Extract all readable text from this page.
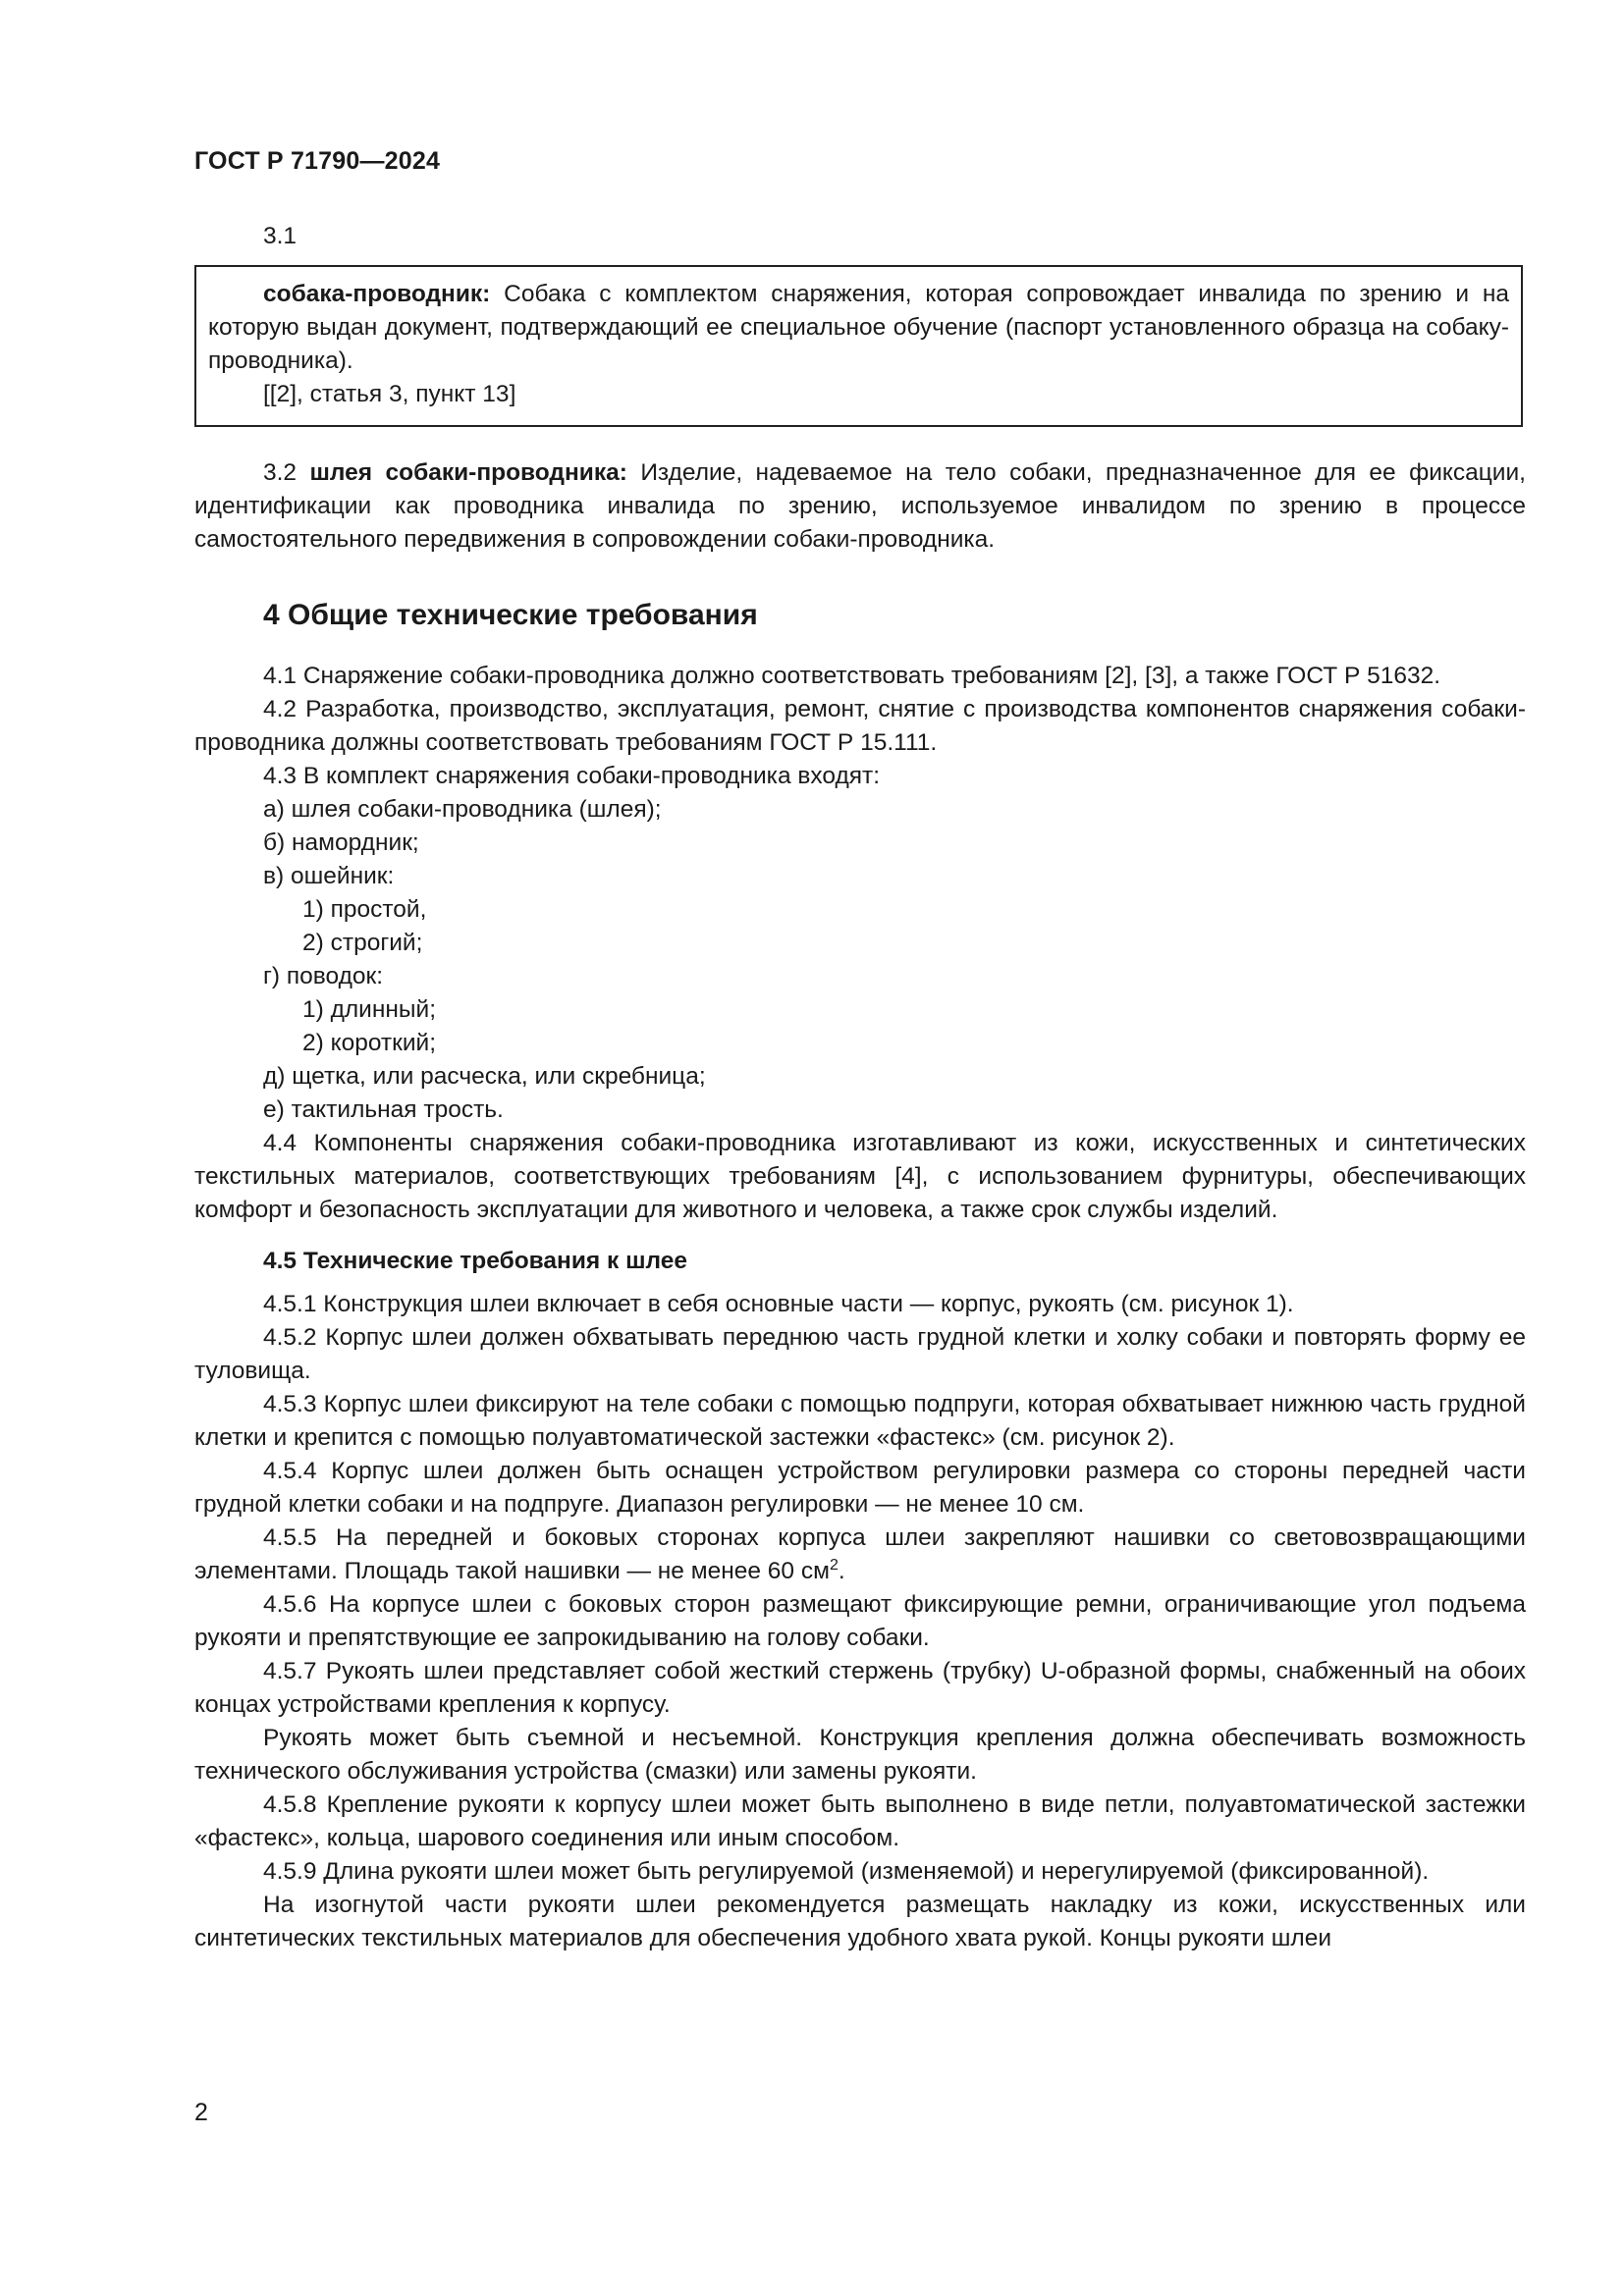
ГОСТ Р 71790—2024
3.1

собака-проводник: Собака с комплектом снаряжения, которая сопровождает инвалида по зрению и на которую выдан документ, подтверждающий ее специальное обучение (паспорт установленного образца на собаку-проводника).

[[2], статья 3, пункт 13]

3.2 шлея собаки-проводника: Изделие, надеваемое на тело собаки, предназначенное для ее фиксации, идентификации как проводника инвалида по зрению, используемое инвалидом по зрению в процессе самостоятельного передвижения в сопровождении собаки-проводника.

4 Общие технические требования

4.1 Снаряжение собаки-проводника должно соответствовать требованиям [2], [3], а также ГОСТ Р 51632.

4.2 Разработка, производство, эксплуатация, ремонт, снятие с производства компонентов снаряжения собаки-проводника должны соответствовать требованиям ГОСТ Р 15.111.

4.3 В комплект снаряжения собаки-проводника входят:

а) шлея собаки-проводника (шлея);

б) намордник;

в) ошейник:

1) простой,

2) строгий;

г) поводок:

1) длинный;

2) короткий;

д) щетка, или расческа, или скребница;

е) тактильная трость.

4.4 Компоненты снаряжения собаки-проводника изготавливают из кожи, искусственных и синтетических текстильных материалов, соответствующих требованиям [4], с использованием фурнитуры, обеспечивающих комфорт и безопасность эксплуатации для животного и человека, а также срок службы изделий.

4.5 Технические требования к шлее

4.5.1 Конструкция шлеи включает в себя основные части — корпус, рукоять (см. рисунок 1).

4.5.2 Корпус шлеи должен обхватывать переднюю часть грудной клетки и холку собаки и повторять форму ее туловища.

4.5.3 Корпус шлеи фиксируют на теле собаки с помощью подпруги, которая обхватывает нижнюю часть грудной клетки и крепится с помощью полуавтоматической застежки «фастекс» (см. рисунок 2).

4.5.4 Корпус шлеи должен быть оснащен устройством регулировки размера со стороны передней части грудной клетки собаки и на подпруге. Диапазон регулировки — не менее 10 см.

4.5.5 На передней и боковых сторонах корпуса шлеи закрепляют нашивки со световозвращающими элементами. Площадь такой нашивки — не менее 60 $см^2$.

4.5.6 На корпусе шлеи с боковых сторон размещают фиксирующие ремни, ограничивающие угол подъема рукояти и препятствующие ее запрокидыванию на голову собаки.

4.5.7 Рукоять шлеи представляет собой жесткий стержень (трубку) U-образной формы, снабженный на обоих концах устройствами крепления к корпусу.

Рукоять может быть съемной и несъемной. Конструкция крепления должна обеспечивать возможность технического обслуживания устройства (смазки) или замены рукояти.

4.5.8 Крепление рукояти к корпусу шлеи может быть выполнено в виде петли, полуавтоматической застежки «фастекс», кольца, шарового соединения или иным способом.

4.5.9 Длина рукояти шлеи может быть регулируемой (изменяемой) и нерегулируемой (фиксированной).

На изогнутой части рукояти шлеи рекомендуется размещать накладку из кожи, искусственных или синтетических текстильных материалов для обеспечения удобного хвата рукой. Концы рукояти шлеи

2
